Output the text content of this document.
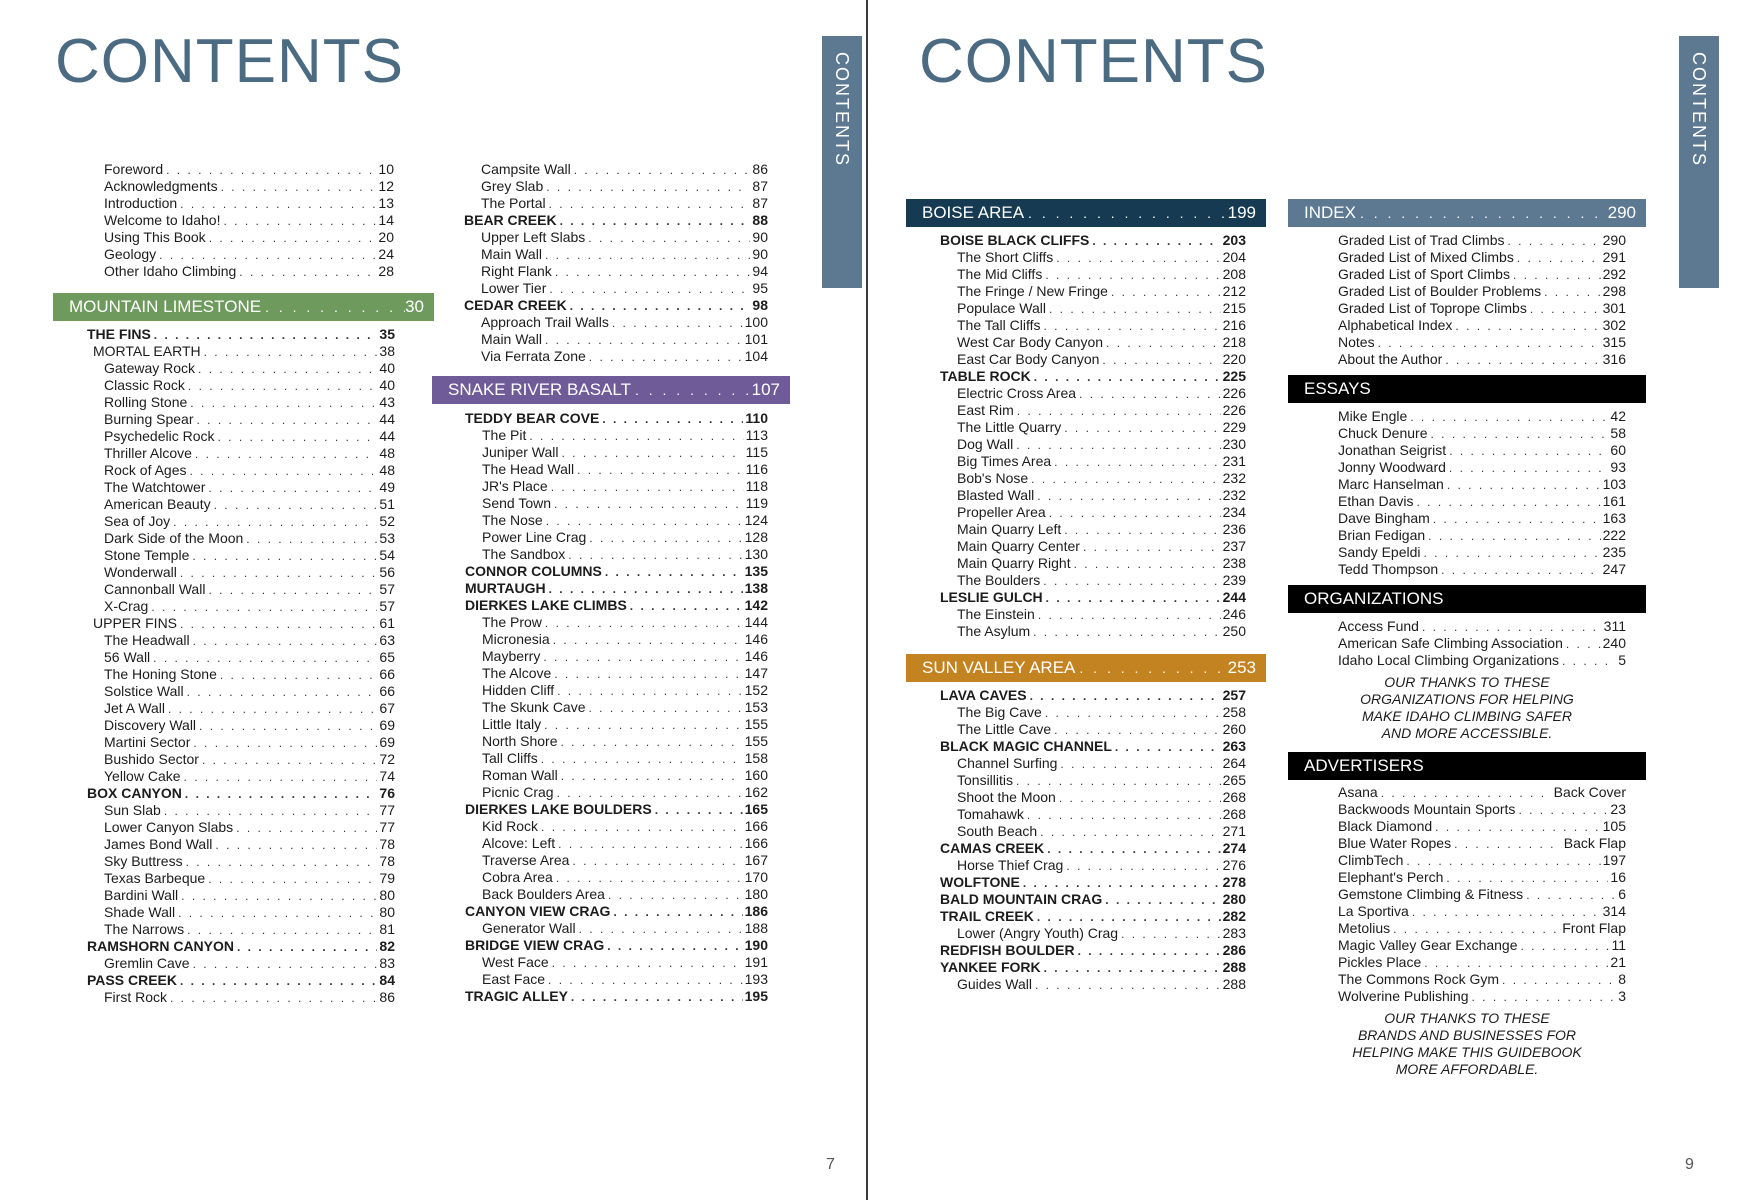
CONTENTS	CONTENTS
Foreword . . .	10
Acknowledgments . . .	12
Introduction . . .	13
Welcome to Idaho! . . .	14
Using This Book . . .	20
Geology . . .	24
Other Idaho Climbing . . .	28
MOUNTAIN LIMESTONE . . .	30
THE FINS . . .	35
MORTAL EARTH . . .	38
Gateway Rock . . .	40
Classic Rock . . .	40
Rolling Stone . . .	43
Burning Spear . . .	44
Psychedelic Rock . . .	44
Thriller Alcove . . .	48
Rock of Ages . . .	48
The Watchtower . . .	49
American Beauty . . .	51
Sea of Joy . . .	52
Dark Side of the Moon . . .	53
Stone Temple . . .	54
Wonderwall . . .	56
Cannonball Wall . . .	57
X-Crag . . .	57
UPPER FINS . . .	61
The Headwall . . .	63
56 Wall . . .	65
The Honing Stone . . .	66
Solstice Wall . . .	66
Jet A Wall . . .	67
Discovery Wall . . .	69
Martini Sector . . .	69
Bushido Sector . . .	72
Yellow Cake . . .	74
BOX CANYON . . .	76
Sun Slab . . .	77
Lower Canyon Slabs . . .	77
James Bond Wall . . .	78
Sky Buttress . . .	78
Texas Barbeque . . .	79
Bardini Wall . . .	80
Shade Wall . . .	80
The Narrows . . .	81
RAMSHORN CANYON . . .	82
Gremlin Cave . . .	83
PASS CREEK . . .	84
First Rock . . .	86
Campsite Wall . . .	86
Grey Slab . . .	87
The Portal . . .	87
BEAR CREEK . . .	88
Upper Left Slabs . . .	90
Main Wall . . .	90
Right Flank . . .	94
Lower Tier . . .	95
CEDAR CREEK . . .	98
Approach Trail Walls . . .	100
Main Wall . . .	101
Via Ferrata Zone . . .	104
SNAKE RIVER BASALT . . .	107
TEDDY BEAR COVE . . .	110
The Pit . . .	113
Juniper Wall . . .	115
The Head Wall . . .	116
JR's Place . . .	118
Send Town . . .	119
The Nose . . .	124
Power Line Crag . . .	128
The Sandbox . . .	130
CONNOR COLUMNS . . .	135
MURTAUGH . . .	138
DIERKES LAKE CLIMBS . . .	142
The Prow . . .	144
Micronesia . . .	146
Mayberry . . .	146
The Alcove . . .	147
Hidden Cliff . . .	152
The Skunk Cave . . .	153
Little Italy . . .	155
North Shore . . .	155
Tall Cliffs . . .	158
Roman Wall . . .	160
Picnic Crag . . .	162
DIERKES LAKE BOULDERS . . .	165
Kid Rock . . .	166
Alcove: Left . . .	166
Traverse Area . . .	167
Cobra Area . . .	170
Back Boulders Area . . .	180
CANYON VIEW CRAG . . .	186
Generator Wall . . .	188
BRIDGE VIEW CRAG . . .	190
West Face . . .	191
East Face . . .	193
TRAGIC ALLEY . . .	195
7
CONTENTS	CONTENTS
BOISE AREA . . .	199
BOISE BLACK CLIFFS . . .	203
The Short Cliffs . . .	204
The Mid Cliffs . . .	208
The Fringe / New Fringe . . .	212
Populace Wall . . .	215
The Tall Cliffs . . .	216
West Car Body Canyon . . .	218
East Car Body Canyon . . .	220
TABLE ROCK . . .	225
Electric Cross Area . . .	226
East Rim . . .	226
The Little Quarry . . .	229
Dog Wall . . .	230
Big Times Area . . .	231
Bob's Nose . . .	232
Blasted Wall . . .	232
Propeller Area . . .	234
Main Quarry Left . . .	236
Main Quarry Center . . .	237
Main Quarry Right . . .	238
The Boulders . . .	239
LESLIE GULCH . . .	244
The Einstein . . .	246
The Asylum . . .	250
SUN VALLEY AREA . . .	253
LAVA CAVES . . .	257
The Big Cave . . .	258
The Little Cave . . .	260
BLACK MAGIC CHANNEL . . .	263
Channel Surfing . . .	264
Tonsillitis . . .	265
Shoot the Moon . . .	268
Tomahawk . . .	268
South Beach . . .	271
CAMAS CREEK . . .	274
Horse Thief Crag . . .	276
WOLFTONE . . .	278
BALD MOUNTAIN CRAG . . .	280
TRAIL CREEK . . .	282
Lower (Angry Youth) Crag . . .	283
REDFISH BOULDER . . .	286
YANKEE FORK . . .	288
Guides Wall . . .	288
INDEX . . .	290
Graded List of Trad Climbs . . .	290
Graded List of Mixed Climbs . . .	291
Graded List of Sport Climbs . . .	292
Graded List of Boulder Problems . . .	298
Graded List of Toprope Climbs . . .	301
Alphabetical Index . . .	302
Notes . . .	315
About the Author . . .	316
ESSAYS
Mike Engle . . .	42
Chuck Denure . . .	58
Jonathan Seigrist . . .	60
Jonny Woodward . . .	93
Marc Hanselman . . .	103
Ethan Davis . . .	161
Dave Bingham . . .	163
Brian Fedigan . . .	222
Sandy Epeldi . . .	235
Tedd Thompson . . .	247
ORGANIZATIONS
Access Fund . . .	311
American Safe Climbing Association . . .	240
Idaho Local Climbing Organizations . . .	5

OUR THANKS TO THESE
ORGANIZATIONS FOR HELPING
MAKE IDAHO CLIMBING SAFER
AND MORE ACCESSIBLE.

ADVERTISERS
Asana . . .	Back Cover
Backwoods Mountain Sports . . .	23
Black Diamond . . .	105
Blue Water Ropes . . .	Back Flap
ClimbTech . . .	197
Elephant's Perch . . .	16
Gemstone Climbing & Fitness . . .	6
La Sportiva . . .	314
Metolius . . .	Front Flap
Magic Valley Gear Exchange . . .	11
Pickles Place . . .	21
The Commons Rock Gym . . .	8
Wolverine Publishing . . .	3

OUR THANKS TO THESE
BRANDS AND BUSINESSES FOR
HELPING MAKE THIS GUIDEBOOK
MORE AFFORDABLE.

9
